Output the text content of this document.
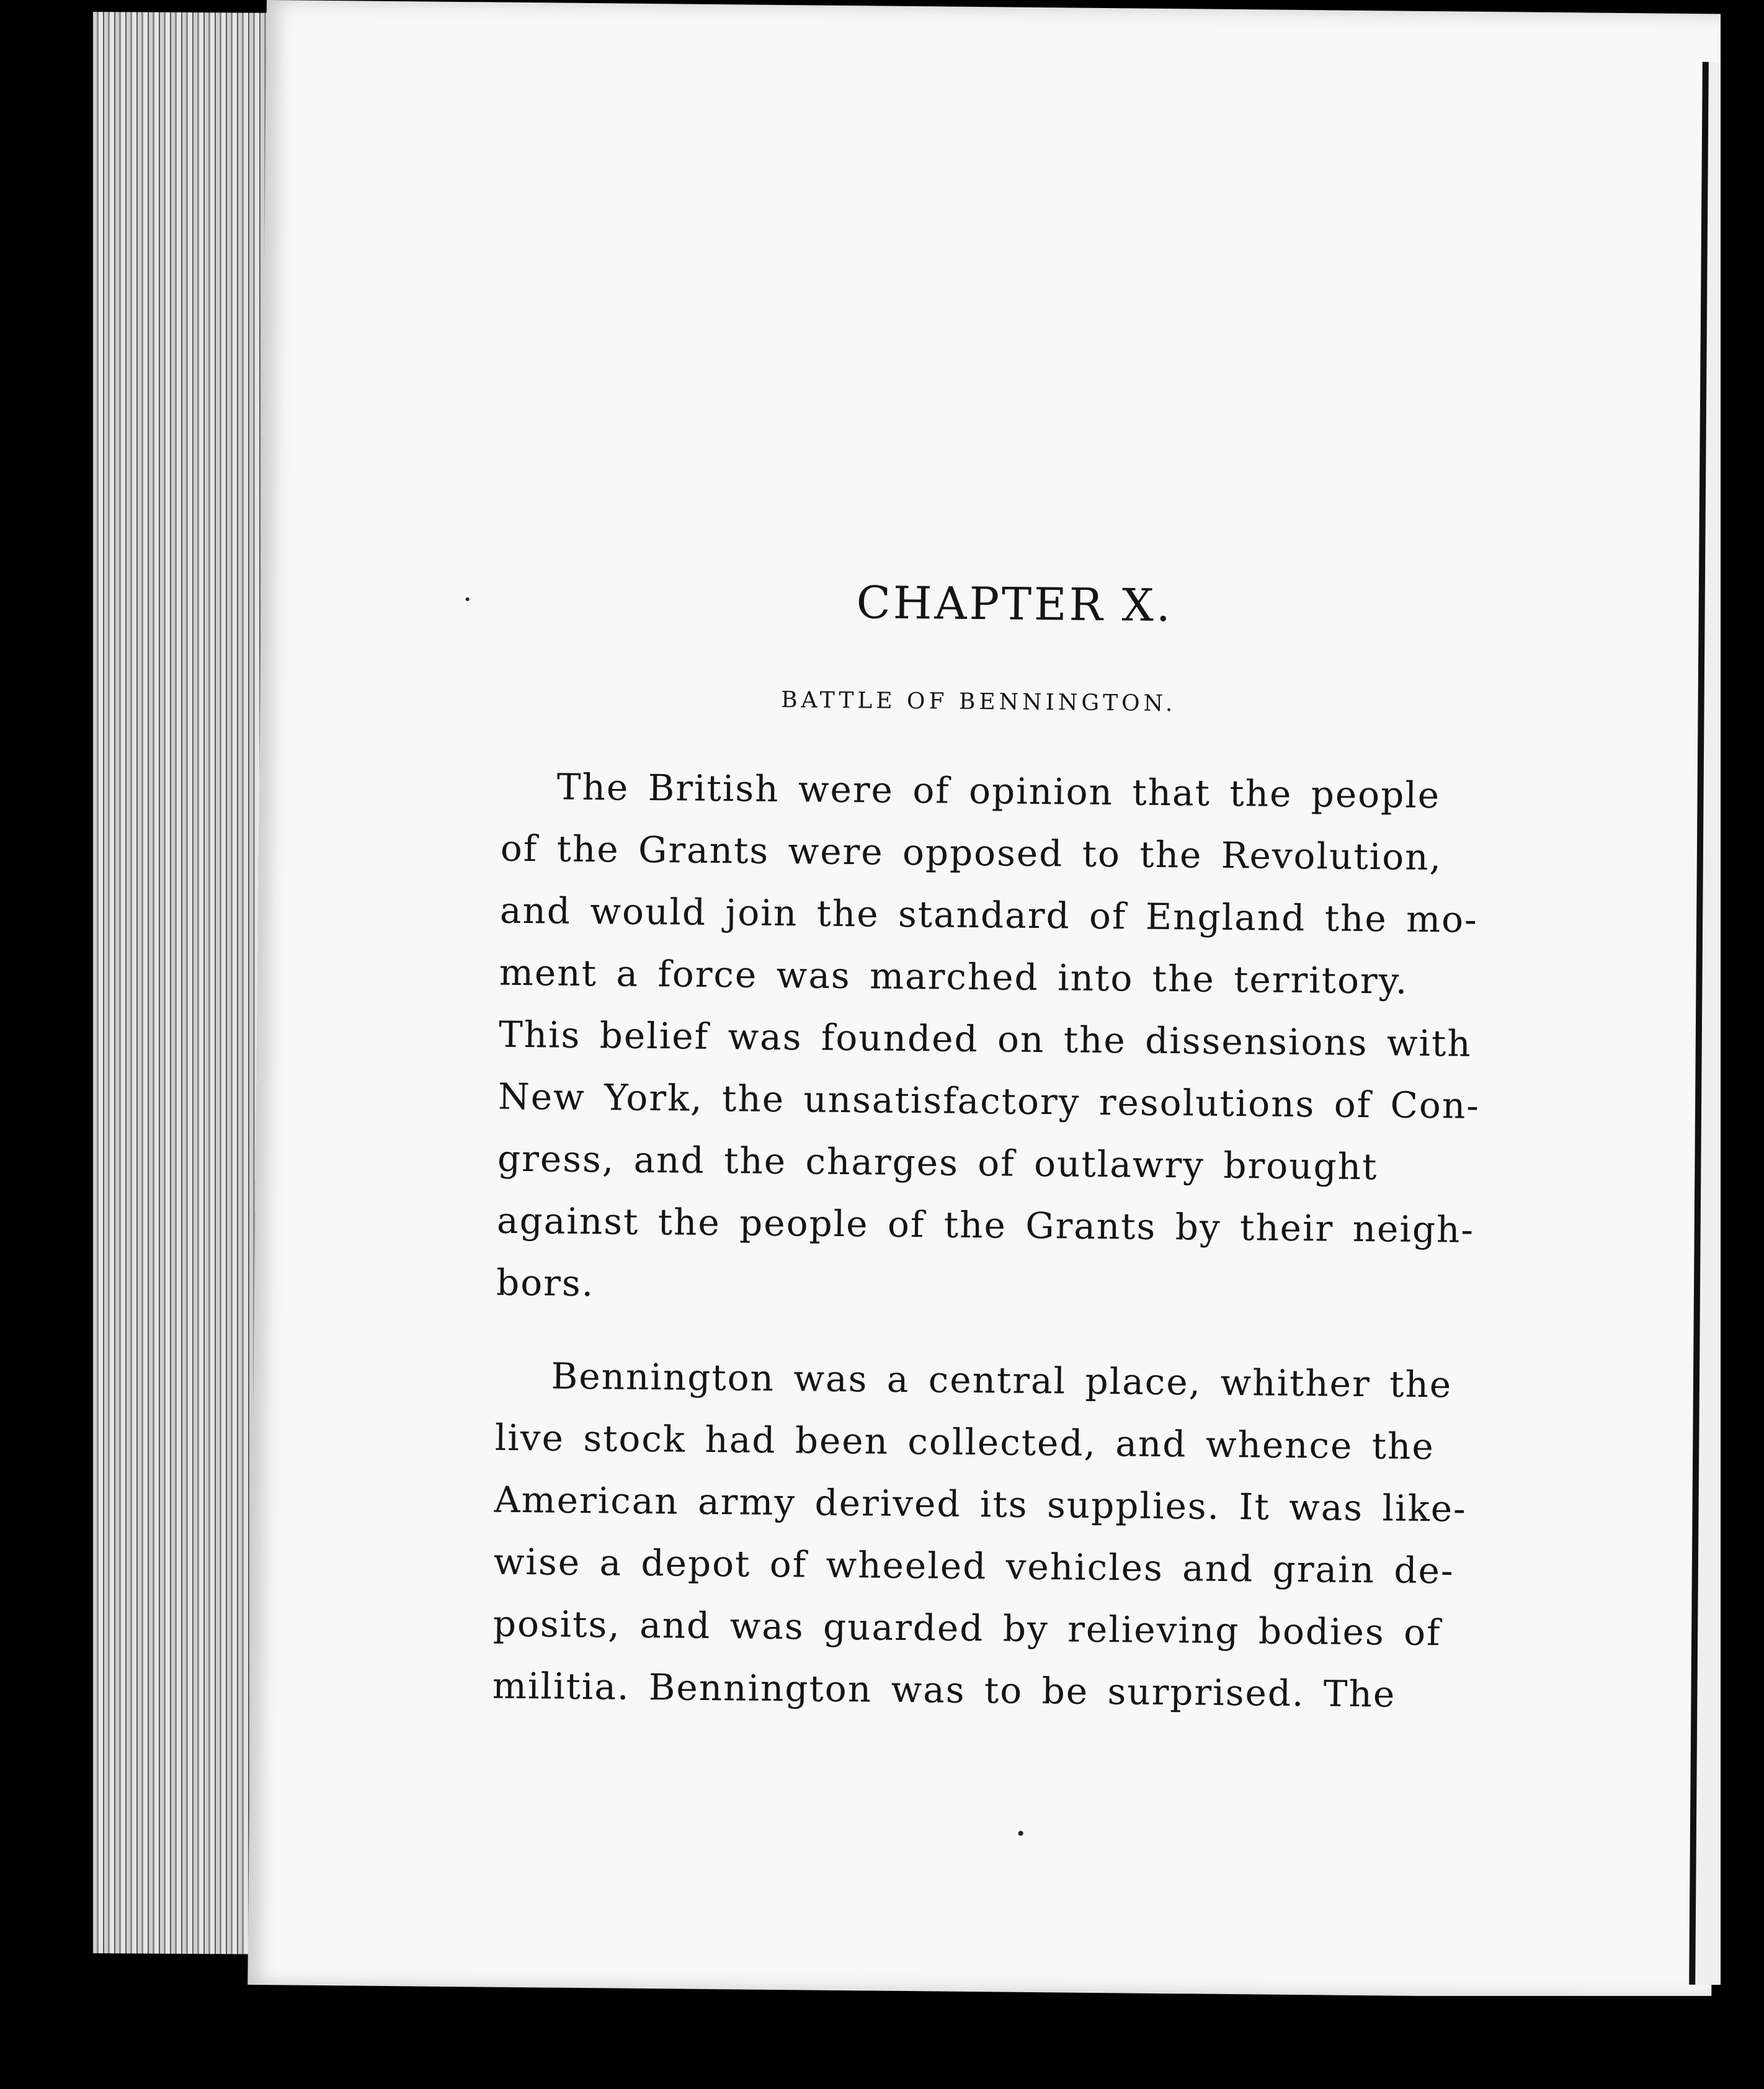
CHAPTER X.
BATTLE OF BENNINGTON.
The British were of opinion that the people
of the Grants were opposed to the Revolution,
and would join the standard of England the mo-
ment a force was marched into the territory.
This belief was founded on the dissensions with
New York, the unsatisfactory resolutions of Con-
gress, and the charges of outlawry brought
against the people of the Grants by their neigh-
bors.
Bennington was a central place, whither the
live stock had been collected, and whence the
American army derived its supplies. It was like-
wise a depot of wheeled vehicles and grain de-
posits, and was guarded by relieving bodies of
militia. Bennington was to be surprised. The
